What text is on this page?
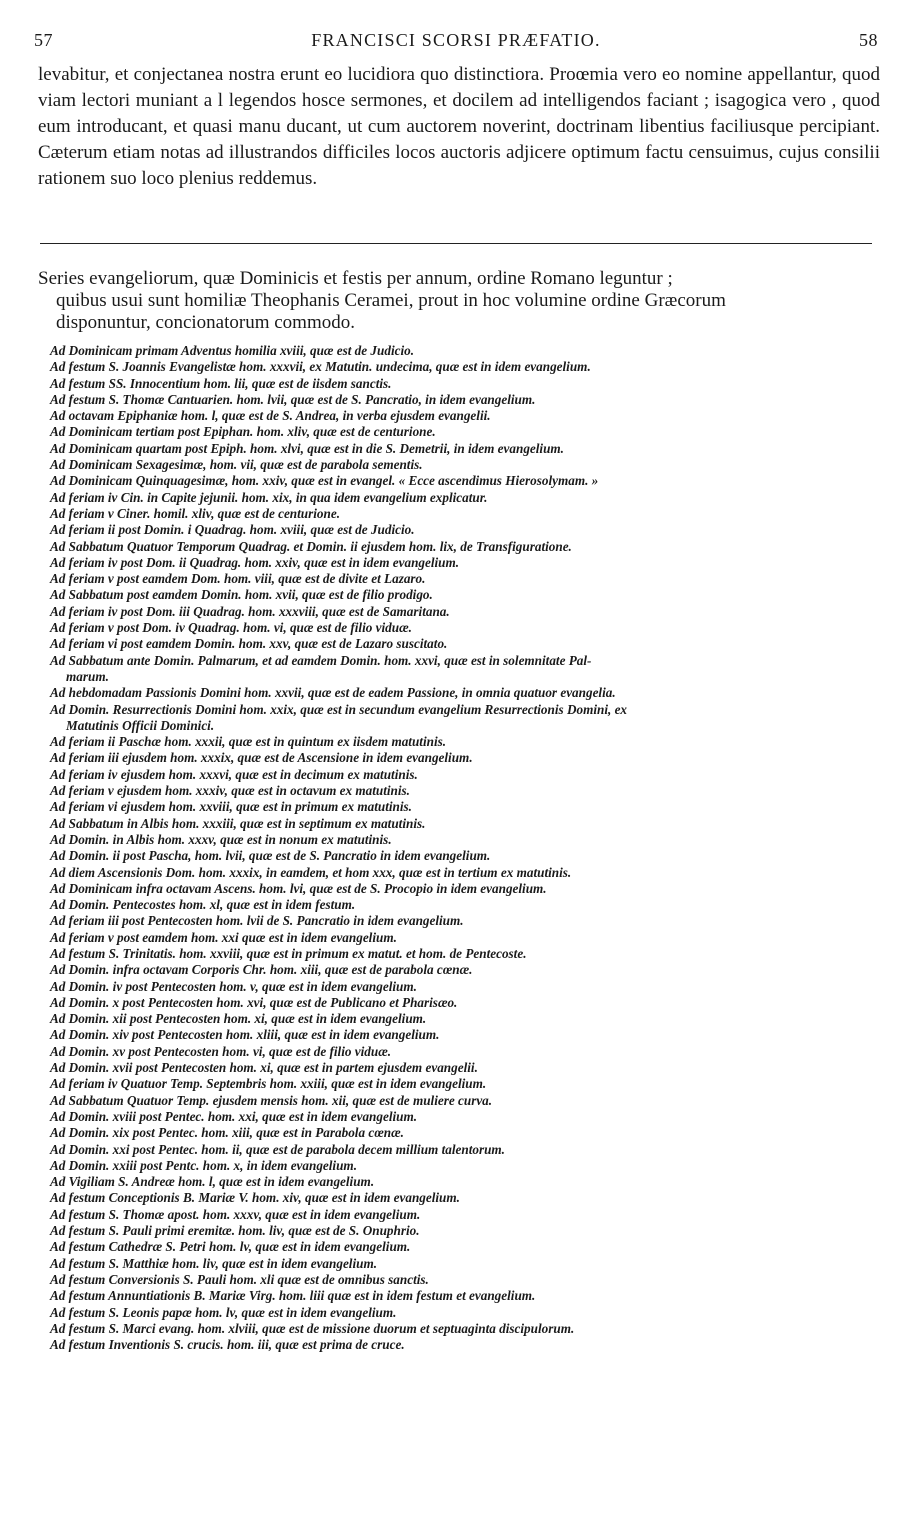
57	FRANCISCI SCORSI PRÆFATIO.	58
levabitur, et conjectanea nostra erunt eo lucidiora quo distinctiora. Proœmia vero eo nomine appellantur, quod viam lectori muniant a l legendos hosce sermones, et docilem ad intelligendos faciant ; isagogica vero , quod eum introducant, et quasi manu ducant, ut cum auctorem noverint, doctrinam libentius faciliusque percipiant. Cæterum etiam notas ad illustrandos difficiles locos auctoris adjicere optimum factu censuimus, cujus consilii rationem suo loco plenius reddemus.
Series evangeliorum, quæ Dominicis et festis per annum, ordine Romano leguntur ;
quibus usui sunt homiliæ Theophanis Ceramei, prout in hoc volumine ordine Græcorum
disponuntur, concionatorum commodo.
Ad Dominicam primam Adventus homilia xviii, quæ est de Judicio.
Ad festum S. Joannis Evangelistæ hom. xxxvii, ex Matutin. undecima, quæ est in idem evangelium.
Ad festum SS. Innocentium hom. lii, quæ est de iisdem sanctis.
Ad festum S. Thomæ Cantuarien. hom. lvii, quæ est de S. Pancratio, in idem evangelium.
Ad octavam Epiphaniæ hom. l, quæ est de S. Andrea, in verba ejusdem evangelii.
Ad Dominicam tertiam post Epiphan. hom. xliv, quæ est de centurione.
Ad Dominicam quartam post Epiph. hom. xlvi, quæ est in die S. Demetrii, in idem evangelium.
Ad Dominicam Sexagesimæ, hom. vii, quæ est de parabola sementis.
Ad Dominicam Quinquagesimæ, hom. xxiv, quæ est in evangel. « Ecce ascendimus Hierosolymam. »
Ad feriam iv Cin. in Capite jejunii. hom. xix, in qua idem evangelium explicatur.
Ad feriam v Ciner. homil. xliv, quæ est de centurione.
Ad feriam ii post Domin. i Quadrag. hom. xviii, quæ est de Judicio.
Ad Sabbatum Quatuor Temporum Quadrag. et Domin. ii ejusdem hom. lix, de Transfiguratione.
Ad feriam iv post Dom. ii Quadrag. hom. xxiv, quæ est in idem evangelium.
Ad feriam v post eamdem Dom. hom. viii, quæ est de divite et Lazaro.
Ad Sabbatum post eamdem Domin. hom. xvii, quæ est de filio prodigo.
Ad feriam iv post Dom. iii Quadrag. hom. xxxviii, quæ est de Samaritana.
Ad feriam v post Dom. iv Quadrag. hom. vi, quæ est de filio viduæ.
Ad feriam vi post eamdem Domin. hom. xxv, quæ est de Lazaro suscitato.
Ad Sabbatum ante Domin. Palmarum, et ad eamdem Domin. hom. xxvi, quæ est in solemnitate Pal-
marum.
Ad hebdomadam Passionis Domini hom. xxvii, quæ est de eadem Passione, in omnia quatuor evangelia.
Ad Domin. Resurrectionis Domini hom. xxix, quæ est in secundum evangelium Resurrectionis Domini, ex
Matutinis Officii Dominici.
Ad feriam ii Paschæ hom. xxxii, quæ est in quintum ex iisdem matutinis.
Ad feriam iii ejusdem hom. xxxix, quæ est de Ascensione in idem evangelium.
Ad feriam iv ejusdem hom. xxxvi, quæ est in decimum ex matutinis.
Ad feriam v ejusdem hom. xxxiv, quæ est in octavum ex matutinis.
Ad feriam vi ejusdem hom. xxviii, quæ est in primum ex matutinis.
Ad Sabbatum in Albis hom. xxxiii, quæ est in septimum ex matutinis.
Ad Domin. in Albis hom. xxxv, quæ est in nonum ex matutinis.
Ad Domin. ii post Pascha, hom. lvii, quæ est de S. Pancratio in idem evangelium.
Ad diem Ascensionis Dom. hom. xxxix, in eamdem, et hom xxx, quæ est in tertium ex matutinis.
Ad Dominicam infra octavam Ascens. hom. lvi, quæ est de S. Procopio in idem evangelium.
Ad Domin. Pentecostes hom. xl, quæ est in idem festum.
Ad feriam iii post Pentecosten hom. lvii de S. Pancratio in idem evangelium.
Ad feriam v post eamdem hom. xxi quæ est in idem evangelium.
Ad festum S. Trinitatis. hom. xxviii, quæ est in primum ex matut. et hom. de Pentecoste.
Ad Domin. infra octavam Corporis Chr. hom. xiii, quæ est de parabola cœnæ.
Ad Domin. iv post Pentecosten hom. v, quæ est in idem evangelium.
Ad Domin. x post Pentecosten hom. xvi, quæ est de Publicano et Pharisæo.
Ad Domin. xii post Pentecosten hom. xi, quæ est in idem evangelium.
Ad Domin. xiv post Pentecosten hom. xliii, quæ est in idem evangelium.
Ad Domin. xv post Pentecosten hom. vi, quæ est de filio viduæ.
Ad Domin. xvii post Pentecosten hom. xi, quæ est in partem ejusdem evangelii.
Ad feriam iv Quatuor Temp. Septembris hom. xxiii, quæ est in idem evangelium.
Ad Sabbatum Quatuor Temp. ejusdem mensis hom. xii, quæ est de muliere curva.
Ad Domin. xviii post Pentec. hom. xxi, quæ est in idem evangelium.
Ad Domin. xix post Pentec. hom. xiii, quæ est in Parabola cœnæ.
Ad Domin. xxi post Pentec. hom. ii, quæ est de parabola decem millium talentorum.
Ad Domin. xxiii post Pentc. hom. x, in idem evangelium.
Ad Vigiliam S. Andreæ hom. l, quæ est in idem evangelium.
Ad festum Conceptionis B. Mariæ V. hom. xiv, quæ est in idem evangelium.
Ad festum S. Thomæ apost. hom. xxxv, quæ est in idem evangelium.
Ad festum S. Pauli primi eremitæ. hom. liv, quæ est de S. Onuphrio.
Ad festum Cathedræ S. Petri hom. lv, quæ est in idem evangelium.
Ad festum S. Matthiæ hom. liv, quæ est in idem evangelium.
Ad festum Conversionis S. Pauli hom. xli quæ est de omnibus sanctis.
Ad festum Annuntiationis B. Mariæ Virg. hom. liii quæ est in idem festum et evangelium.
Ad festum S. Leonis papæ hom. lv, quæ est in idem evangelium.
Ad festum S. Marci evang. hom. xlviii, quæ est de missione duorum et septuaginta discipulorum.
Ad festum Inventionis S. crucis. hom. iii, quæ est prima de cruce.
